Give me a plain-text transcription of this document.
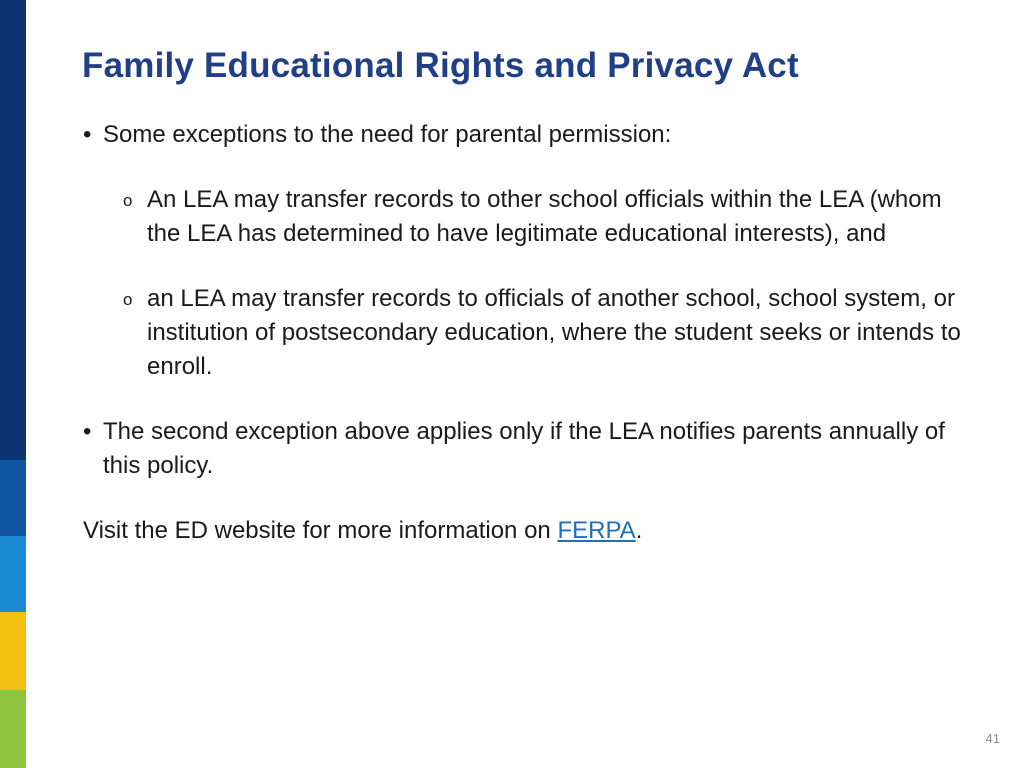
Family Educational Rights and Privacy Act

• Some exceptions to the need for parental permission:

o An LEA may transfer records to other school officials within the LEA (whom the LEA has determined to have legitimate educational interests), and

o an LEA may transfer records to officials of another school, school system, or institution of postsecondary education, where the student seeks or intends to enroll.

• The second exception above applies only if the LEA notifies parents annually of this policy.

Visit the ED website for more information on FERPA.

41
